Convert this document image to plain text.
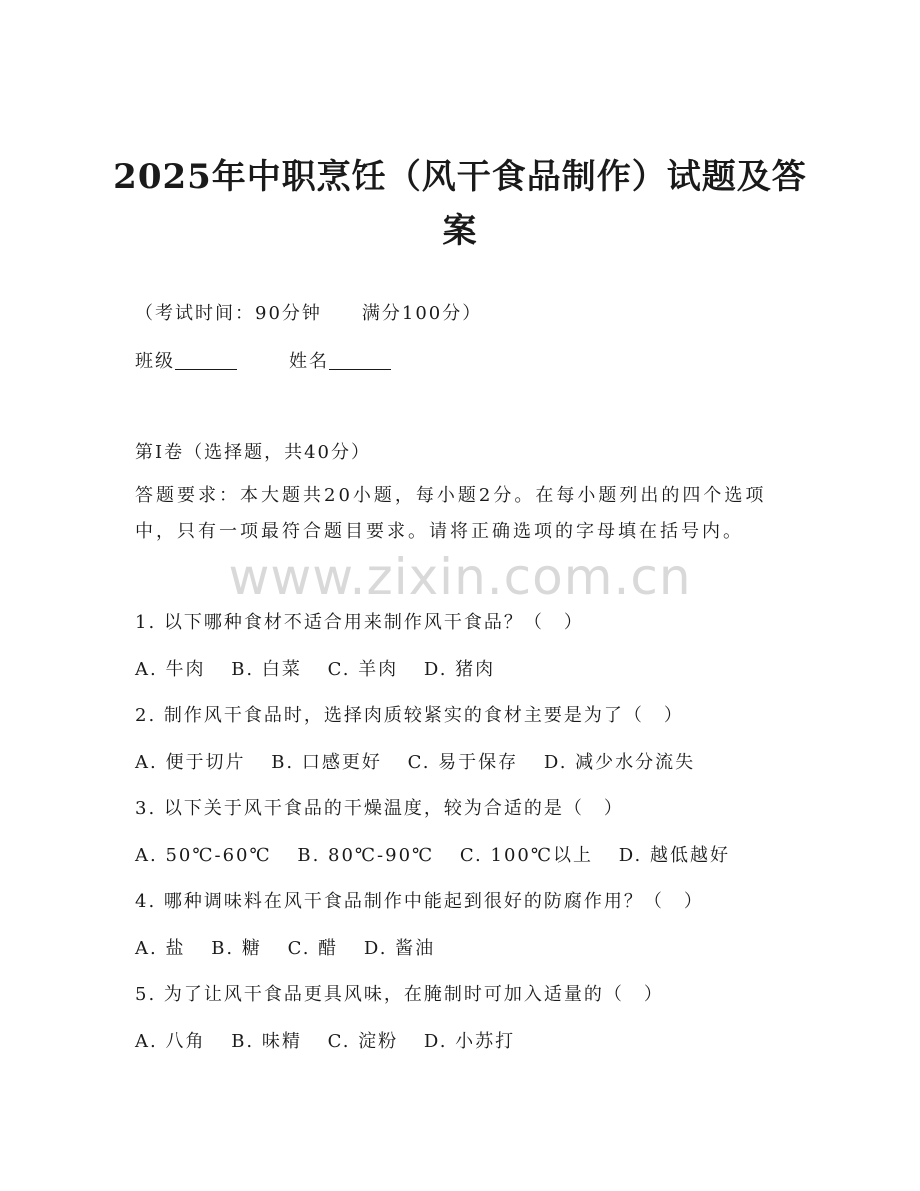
2025年中职烹饪（风干食品制作）试题及答案
（考试时间：90分钟 满分100分）
班级	姓名
第Ⅰ卷（选择题，共40分）
答题要求：本大题共20小题，每小题2分。在每小题列出的四个选项中，只有一项最符合题目要求。请将正确选项的字母填在括号内。
www.zixin.com.cn
1. 以下哪种食材不适合用来制作风干食品？（　）
A. 牛肉 B. 白菜 C. 羊肉 D. 猪肉
2. 制作风干食品时，选择肉质较紧实的食材主要是为了（　）
A. 便于切片 B. 口感更好 C. 易于保存 D. 减少水分流失
3. 以下关于风干食品的干燥温度，较为合适的是（　）
A. 50℃-60℃ B. 80℃-90℃ C. 100℃以上 D. 越低越好
4. 哪种调味料在风干食品制作中能起到很好的防腐作用？（　）
A. 盐 B. 糖 C. 醋 D. 酱油
5. 为了让风干食品更具风味，在腌制时可加入适量的（　）
A. 八角 B. 味精 C. 淀粉 D. 小苏打
